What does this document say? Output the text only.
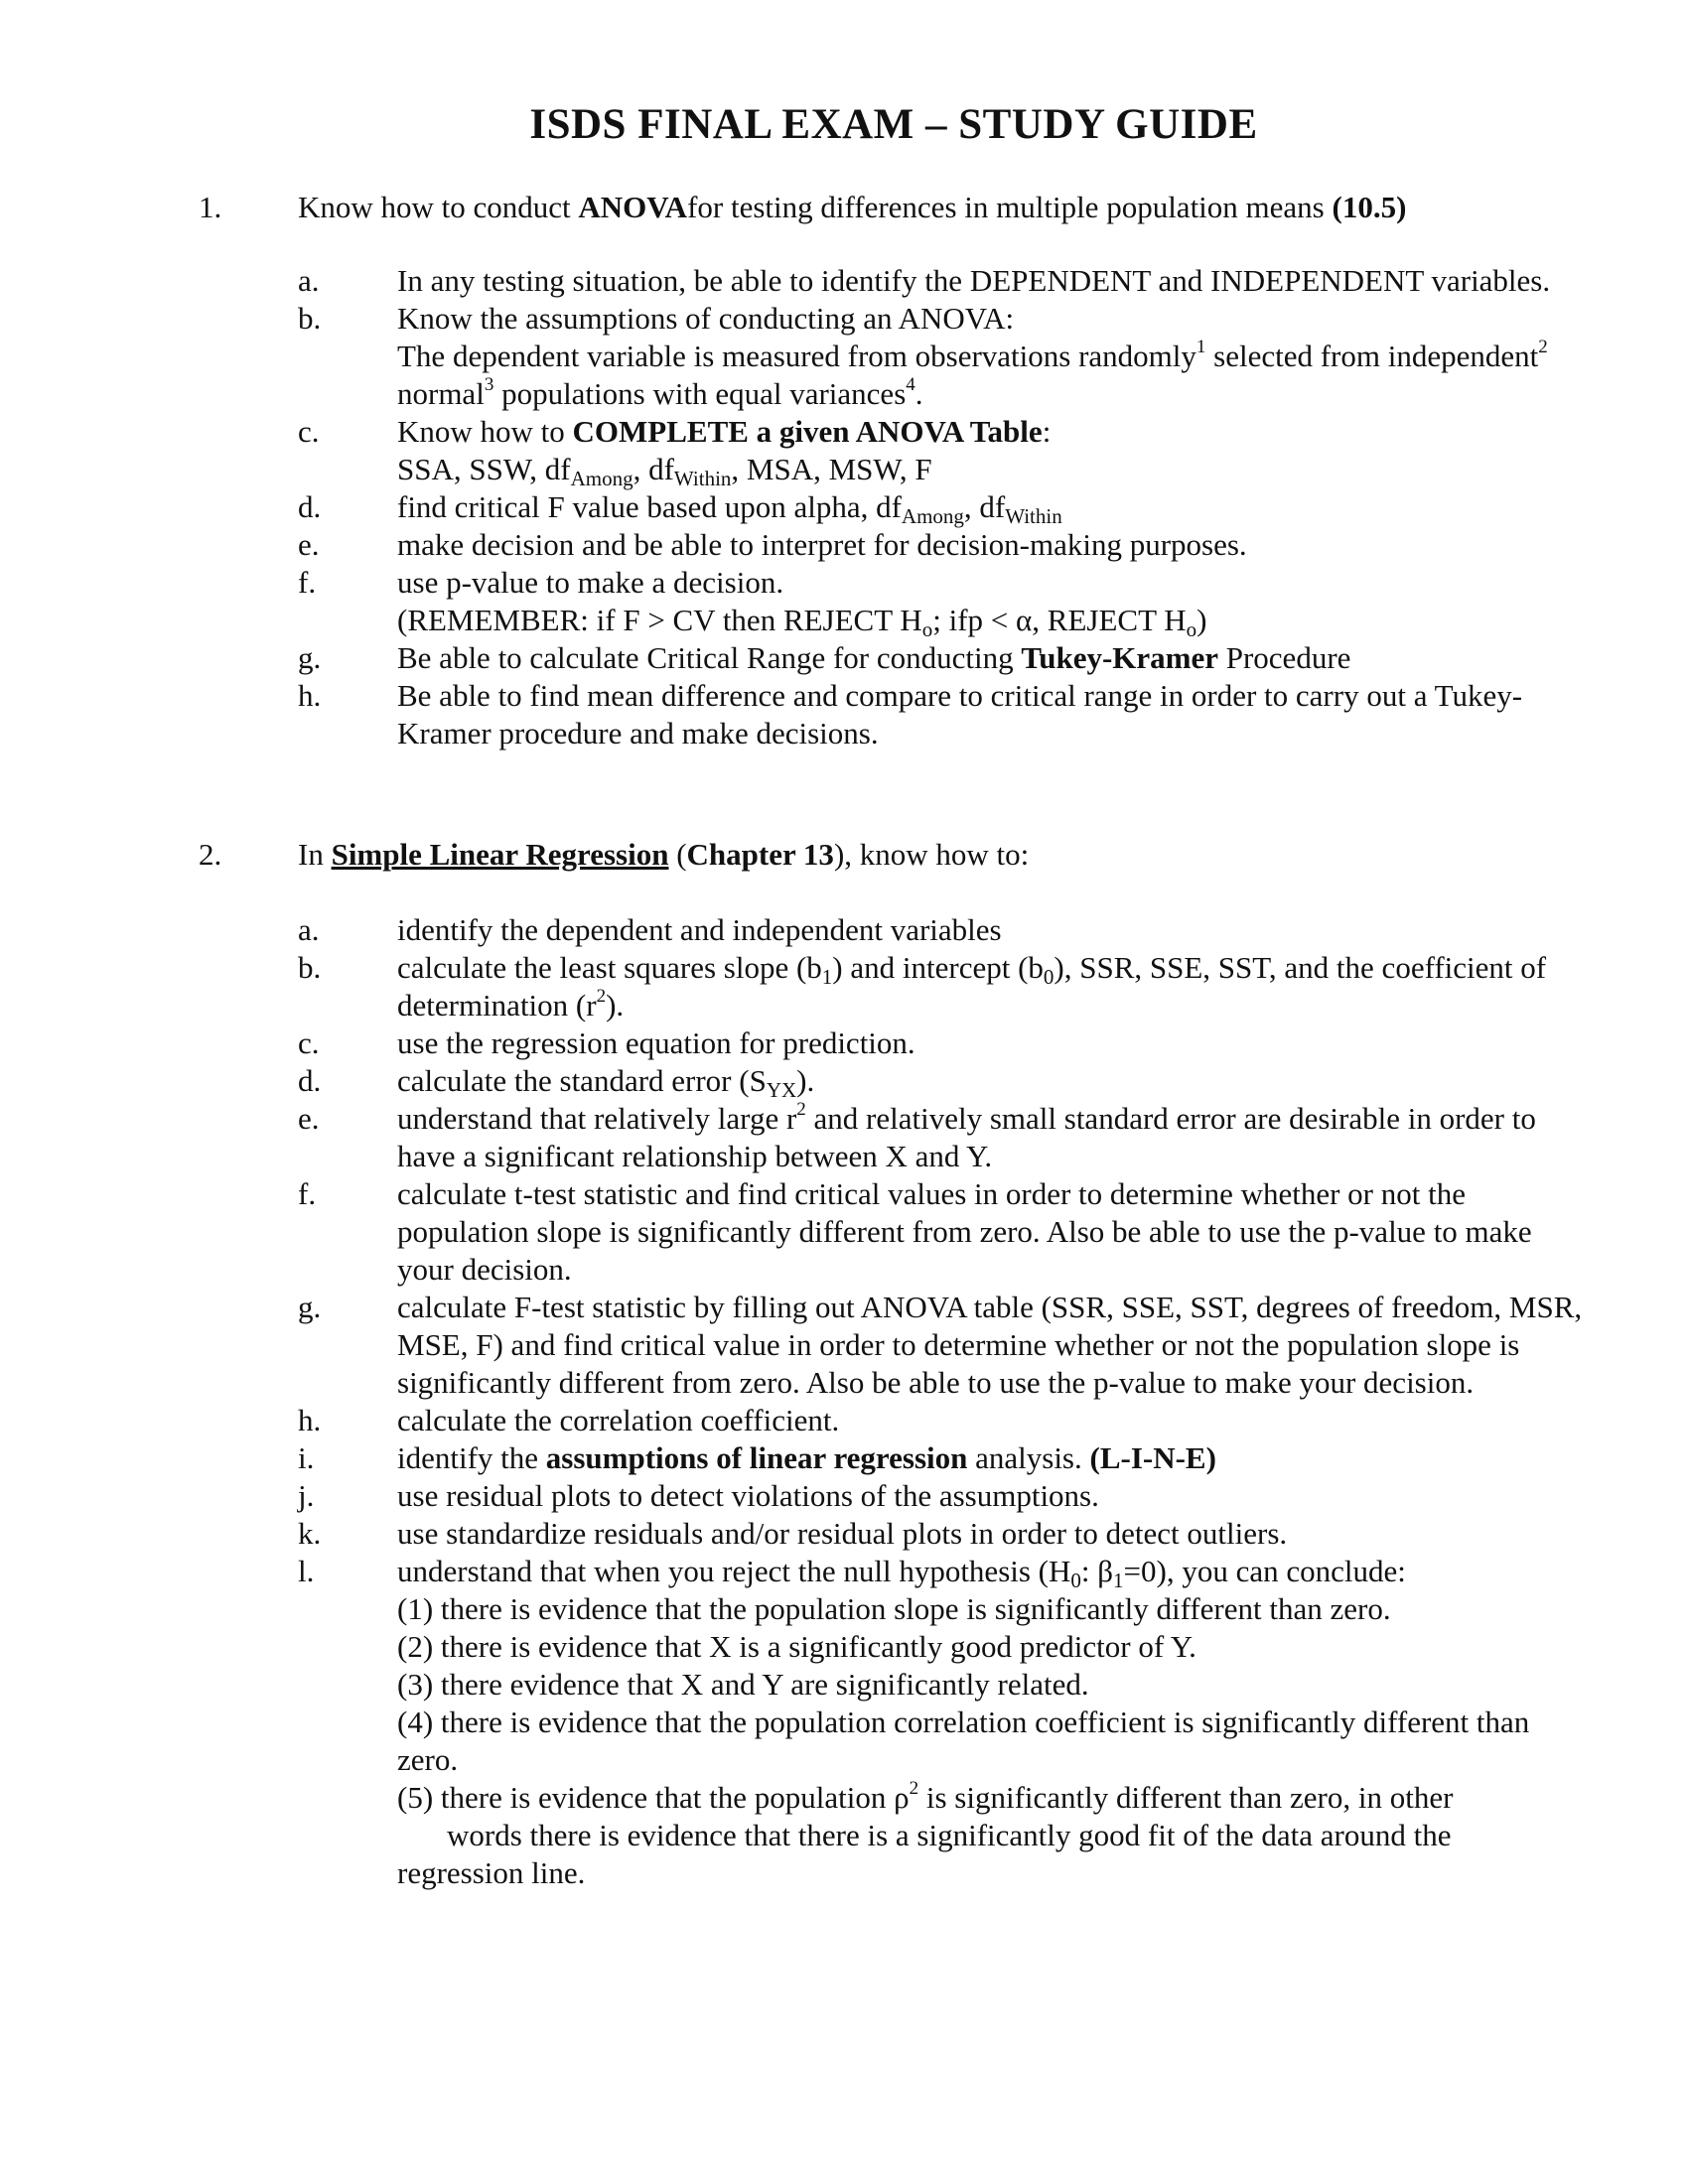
ISDS FINAL EXAM – STUDY GUIDE
1. Know how to conduct ANOVAfor testing differences in multiple population means (10.5)
a.	In any testing situation, be able to identify the DEPENDENT and INDEPENDENT variables.
b. Know the assumptions of conducting an ANOVA:
The dependent variable is measured from observations randomly$^1$ selected from independent$^2$ normal$^3$ populations with equal variances$^4$.
c.	Know how to COMPLETE a given ANOVA Table:
SSA, SSW, $df_{Among}$, $df_{Within}$, MSA, MSW, F
d. find critical F value based upon alpha, $df_{Among}$, $df_{Within}$
e.	make decision and be able to interpret for decision-making purposes.
f.	use p-value to make a decision.
(REMEMBER: if F > CV then REJECT $H_o$; ifp < α, REJECT $H_o$)
g. Be able to calculate Critical Range for conducting Tukey-Kramer Procedure
h. Be able to find mean difference and compare to critical range in order to carry out a Tukey-Kramer procedure and make decisions.
2. In Simple Linear Regression (Chapter 13), know how to:
a.	identify the dependent and independent variables
b. calculate the least squares slope $(b_1)$ and intercept $(b_0)$, SSR, SSE, SST, and the coefficient of determination $(r^2)$.
c.	use the regression equation for prediction.
d. calculate the standard error $(S_{YX})$.
e.	understand that relatively large $r^2$ and relatively small standard error are desirable in order to have a significant relationship between X and Y.
f.	calculate t-test statistic and find critical values in order to determine whether or not the population slope is significantly different from zero. Also be able to use the p-value to make your decision.
g. calculate F-test statistic by filling out ANOVA table (SSR, SSE, SST, degrees of freedom, MSR, MSE, F) and find critical value in order to determine whether or not the population slope is significantly different from zero. Also be able to use the p-value to make your decision.
h. calculate the correlation coefficient.
i.	identify the assumptions of linear regression analysis. (L-I-N-E)
j.	use residual plots to detect violations of the assumptions.
k. use standardize residuals and/or residual plots in order to detect outliers.
l.	understand that when you reject the null hypothesis ($H_0$: $\beta_1=0$), you can conclude:
(1) there is evidence that the population slope is significantly different than zero.
(2) there is evidence that X is a significantly good predictor of Y.
(3) there evidence that X and Y are significantly related.
(4) there is evidence that the population correlation coefficient is significantly different than zero.
(5) there is evidence that the population $\rho^2$ is significantly different than zero, in other
words there is evidence that there is a significantly good fit of the data around the
regression line.
